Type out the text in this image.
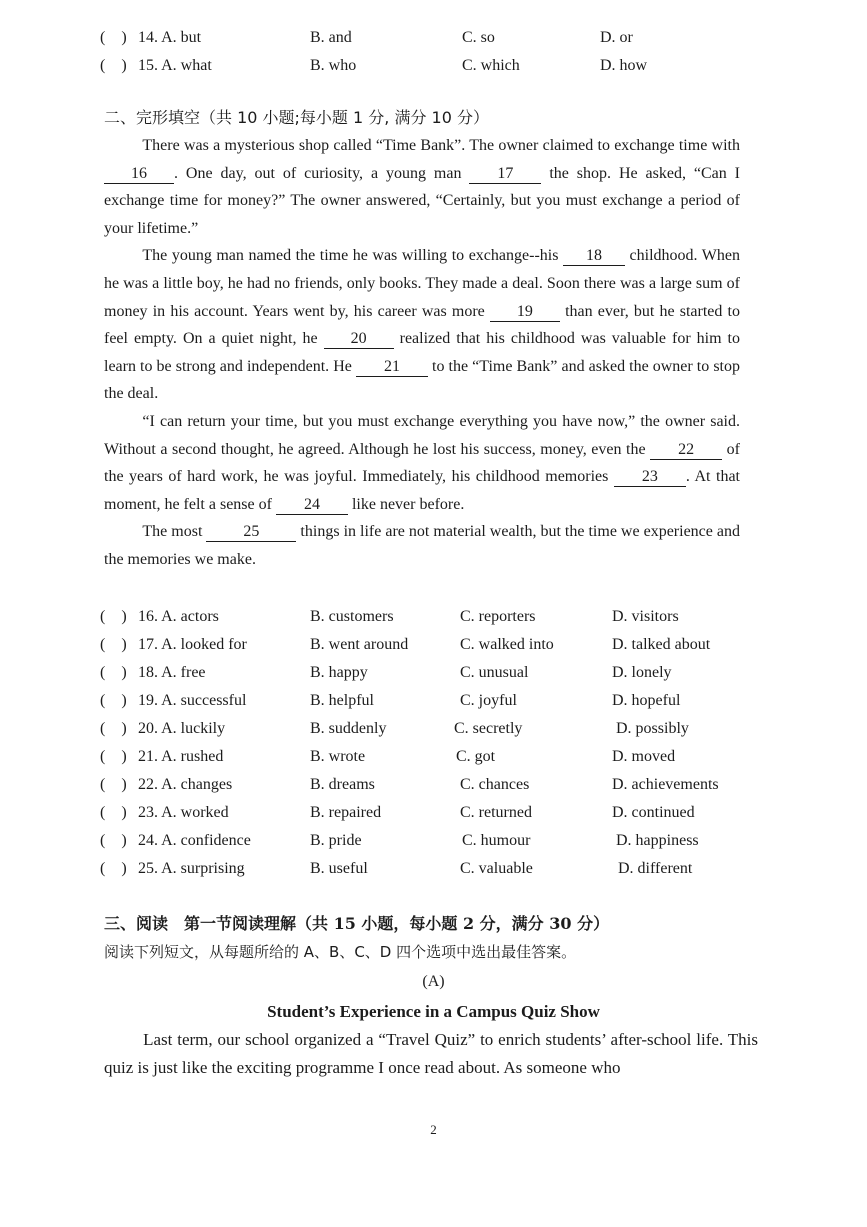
(　) 14. A. but	B. and	C. so	D. or
(　) 15. A. what	B. who	C. which	D. how
二、完形填空（共 10 小题;每小题 1 分, 满分 10 分）

There was a mysterious shop called “Time Bank”. The owner claimed to exchange time with 16 . One day, out of curiosity, a young man 17 the shop. He asked, “Can I exchange time for money?” The owner answered, “Certainly, but you must exchange a period of your lifetime.”

The young man named the time he was willing to exchange--his 18 childhood. When he was a little boy, he had no friends, only books. They made a deal. Soon there was a large sum of money in his account. Years went by, his career was more 19 than ever, but he started to feel empty. On a quiet night, he 20 realized that his childhood was valuable for him to learn to be strong and independent. He 21 to the “Time Bank” and asked the owner to stop the deal.

“I can return your time, but you must exchange everything you have now,” the owner said. Without a second thought, he agreed. Although he lost his success, money, even the 22 of the years of hard work, he was joyful. Immediately, his childhood memories 23 . At that moment, he felt a sense of 24 like never before.

The most 25 things in life are not material wealth, but the time we experience and the memories we make.

(　) 16. A. actors	B. customers	C. reporters	D. visitors
(　) 17. A. looked for	B. went around	C. walked into	D. talked about
(　) 18. A. free	B. happy	C. unusual	D. lonely
(　) 19. A. successful	B. helpful	C. joyful	D. hopeful
(　) 20. A. luckily	B. suddenly	C. secretly	D. possibly
(　) 21. A. rushed	B. wrote	C. got	D. moved
(　) 22. A. changes	B. dreams	C. chances	D. achievements
(　) 23. A. worked	B. repaired	C. returned	D. continued
(　) 24. A. confidence	B. pride	C. humour	D. happiness
(　) 25. A. surprising	B. useful	C. valuable	D. different
三、阅读　第一节阅读理解（共 15 小题，每小题 2 分，满分 30 分）
阅读下列短文，从每题所给的 A、B、C、D 四个选项中选出最佳答案。
(A)
Student’s Experience in a Campus Quiz Show

Last term, our school organized a “Travel Quiz” to enrich students’ after-school life. This quiz is just like the exciting programme I once read about. As someone who

2
